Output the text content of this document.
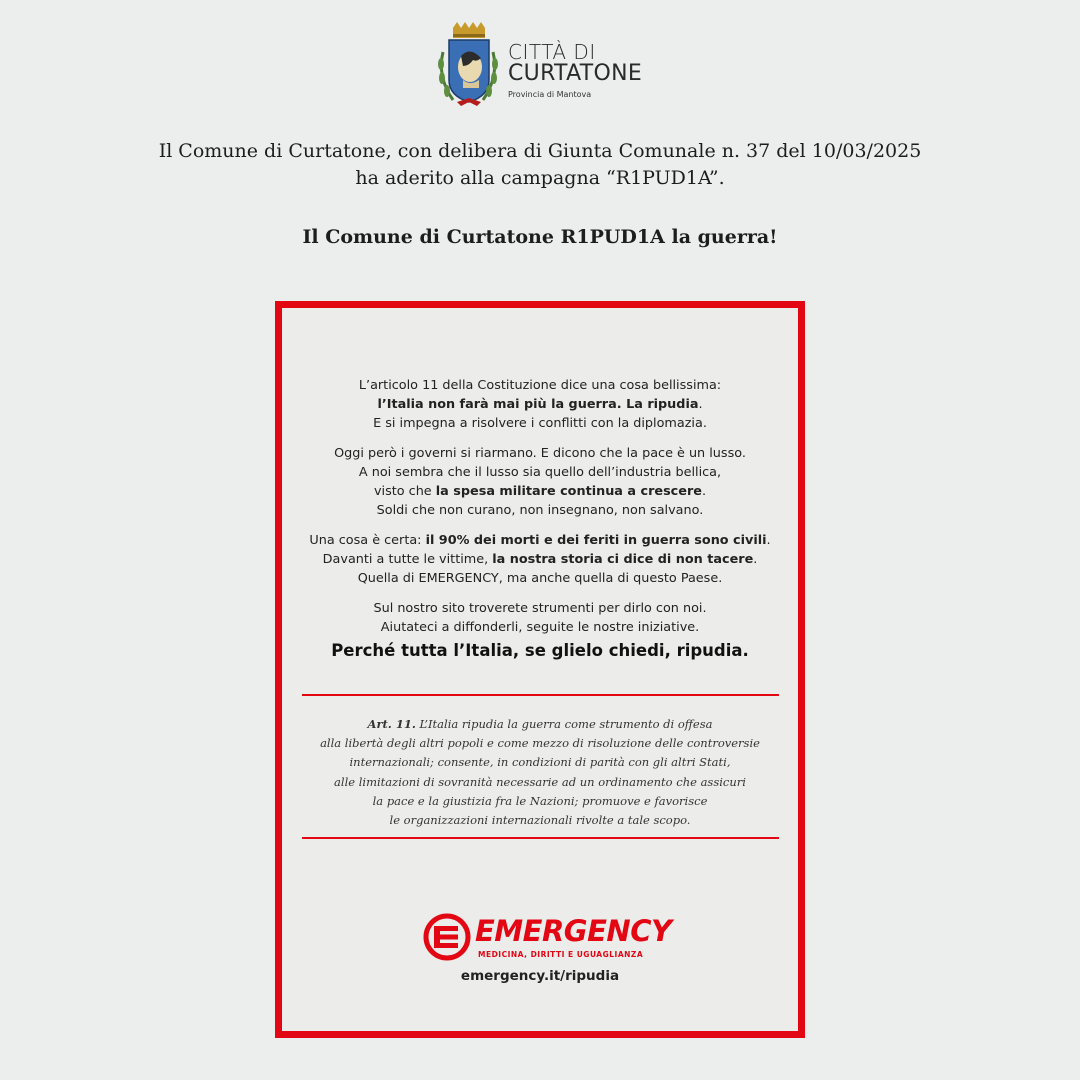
CITTÀ DI
CURTATONE
Provincia di Mantova
Il Comune di Curtatone, con delibera di Giunta Comunale n. 37 del 10/03/2025
ha aderito alla campagna “R1PUD1A”.
Il Comune di Curtatone R1PUD1A la guerra!
L’articolo 11 della Costituzione dice una cosa bellissima:
l’Italia non farà mai più la guerra. La ripudia.
E si impegna a risolvere i conflitti con la diplomazia.
Oggi però i governi si riarmano. E dicono che la pace è un lusso.
A noi sembra che il lusso sia quello dell’industria bellica,
visto che la spesa militare continua a crescere.
Soldi che non curano, non insegnano, non salvano.
Una cosa è certa: il 90% dei morti e dei feriti in guerra sono civili.
Davanti a tutte le vittime, la nostra storia ci dice di non tacere.
Quella di EMERGENCY, ma anche quella di questo Paese.
Sul nostro sito troverete strumenti per dirlo con noi.
Aiutateci a diffonderli, seguite le nostre iniziative.
Perché tutta l’Italia, se glielo chiedi, ripudia.
Art. 11. L’Italia ripudia la guerra come strumento di offesa
alla libertà degli altri popoli e come mezzo di risoluzione delle controversie
internazionali; consente, in condizioni di parità con gli altri Stati,
alle limitazioni di sovranità necessarie ad un ordinamento che assicuri
la pace e la giustizia fra le Nazioni; promuove e favorisce
le organizzazioni internazionali rivolte a tale scopo.
EMERGENCY
MEDICINA, DIRITTI E UGUAGLIANZA
emergency.it/ripudia
